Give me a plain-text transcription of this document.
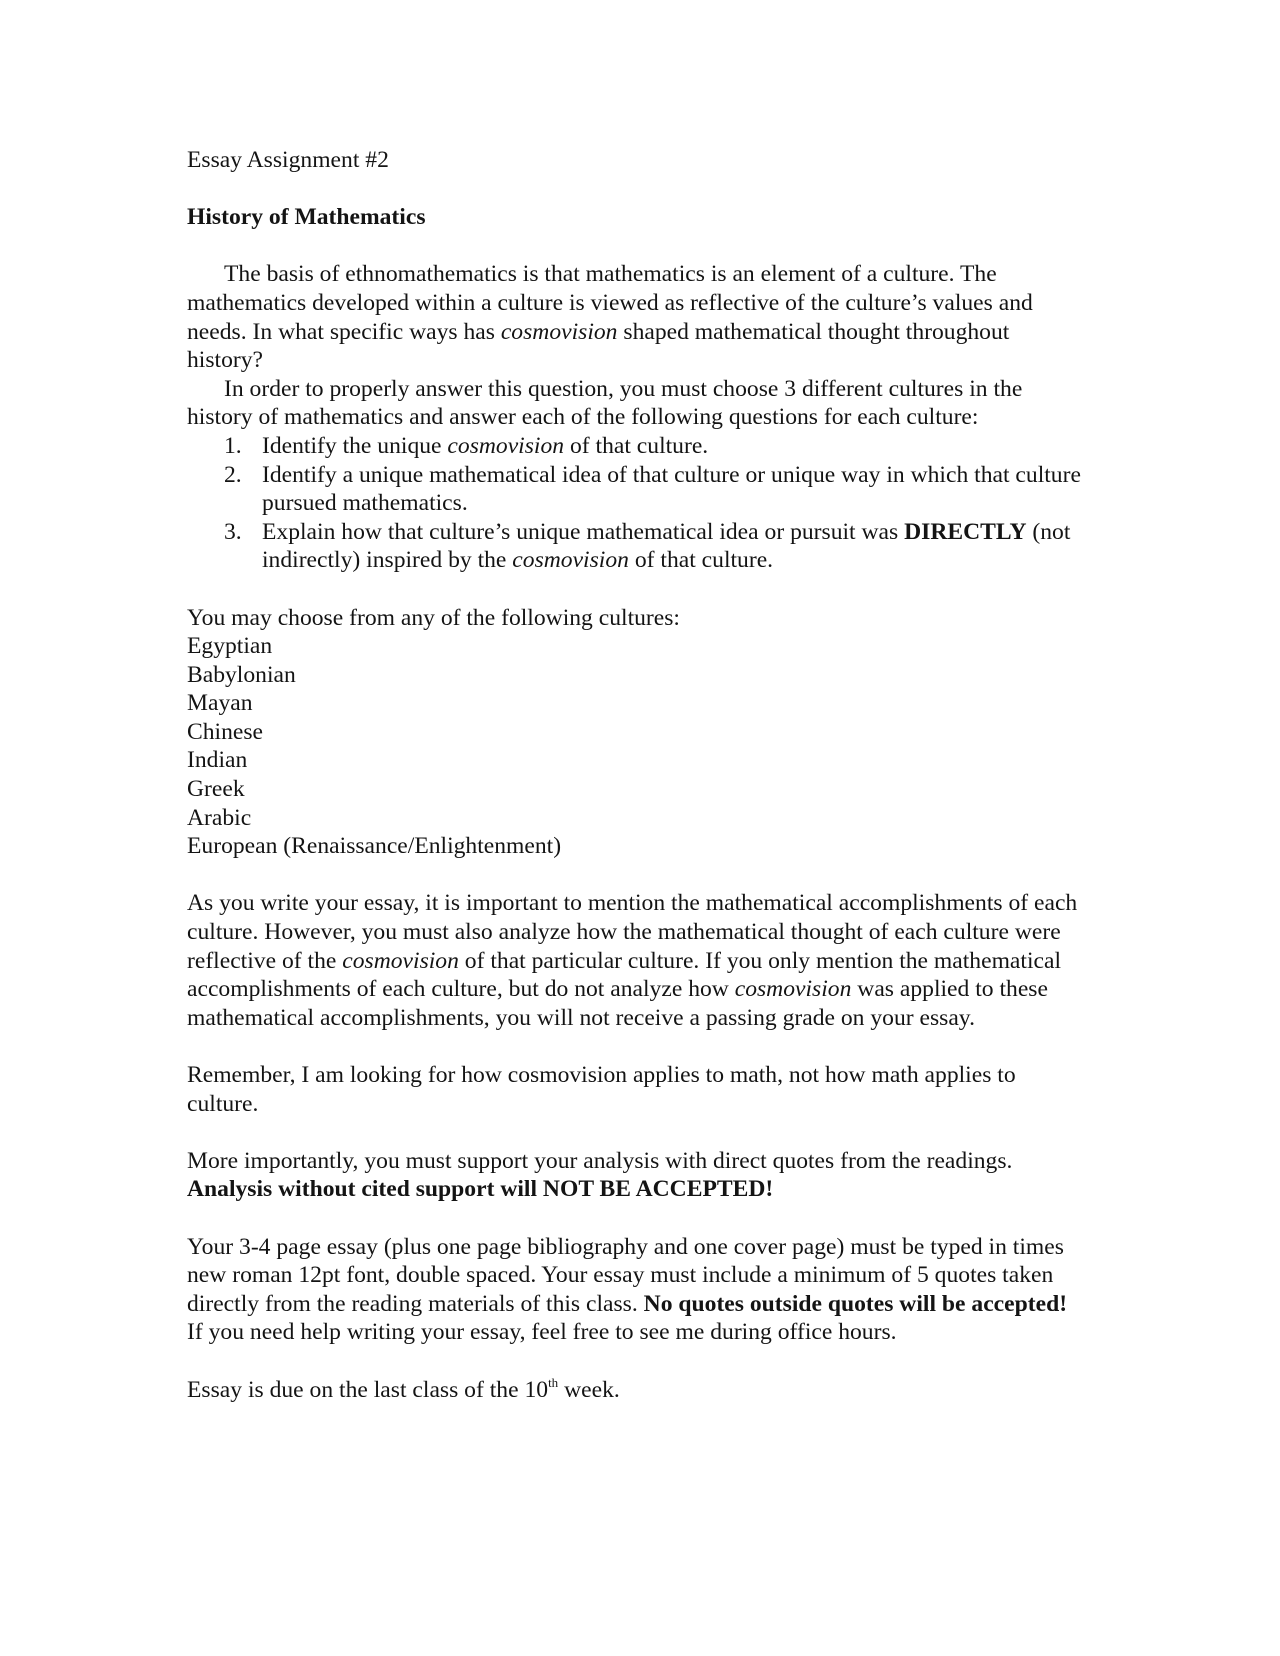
Essay Assignment #2

History of Mathematics

The basis of ethnomathematics is that mathematics is an element of a culture. The mathematics developed within a culture is viewed as reflective of the culture’s values and needs. In what specific ways has cosmovision shaped mathematical thought throughout history?

In order to properly answer this question, you must choose 3 different cultures in the history of mathematics and answer each of the following questions for each culture:

1. Identify the unique cosmovision of that culture.
2. Identify a unique mathematical idea of that culture or unique way in which that culture pursued mathematics.
3. Explain how that culture’s unique mathematical idea or pursuit was DIRECTLY (not indirectly) inspired by the cosmovision of that culture.

You may choose from any of the following cultures:

Egyptian
Babylonian
Mayan
Chinese
Indian
Greek
Arabic
European (Renaissance/Enlightenment)

As you write your essay, it is important to mention the mathematical accomplishments of each culture. However, you must also analyze how the mathematical thought of each culture were reflective of the cosmovision of that particular culture. If you only mention the mathematical accomplishments of each culture, but do not analyze how cosmovision was applied to these mathematical accomplishments, you will not receive a passing grade on your essay.

Remember, I am looking for how cosmovision applies to math, not how math applies to culture.

More importantly, you must support your analysis with direct quotes from the readings.

Analysis without cited support will NOT BE ACCEPTED!

Your 3-4 page essay (plus one page bibliography and one cover page) must be typed in times new roman 12pt font, double spaced. Your essay must include a minimum of 5 quotes taken directly from the reading materials of this class. No quotes outside quotes will be accepted! If you need help writing your essay, feel free to see me during office hours.

Essay is due on the last class of the 10th week.
